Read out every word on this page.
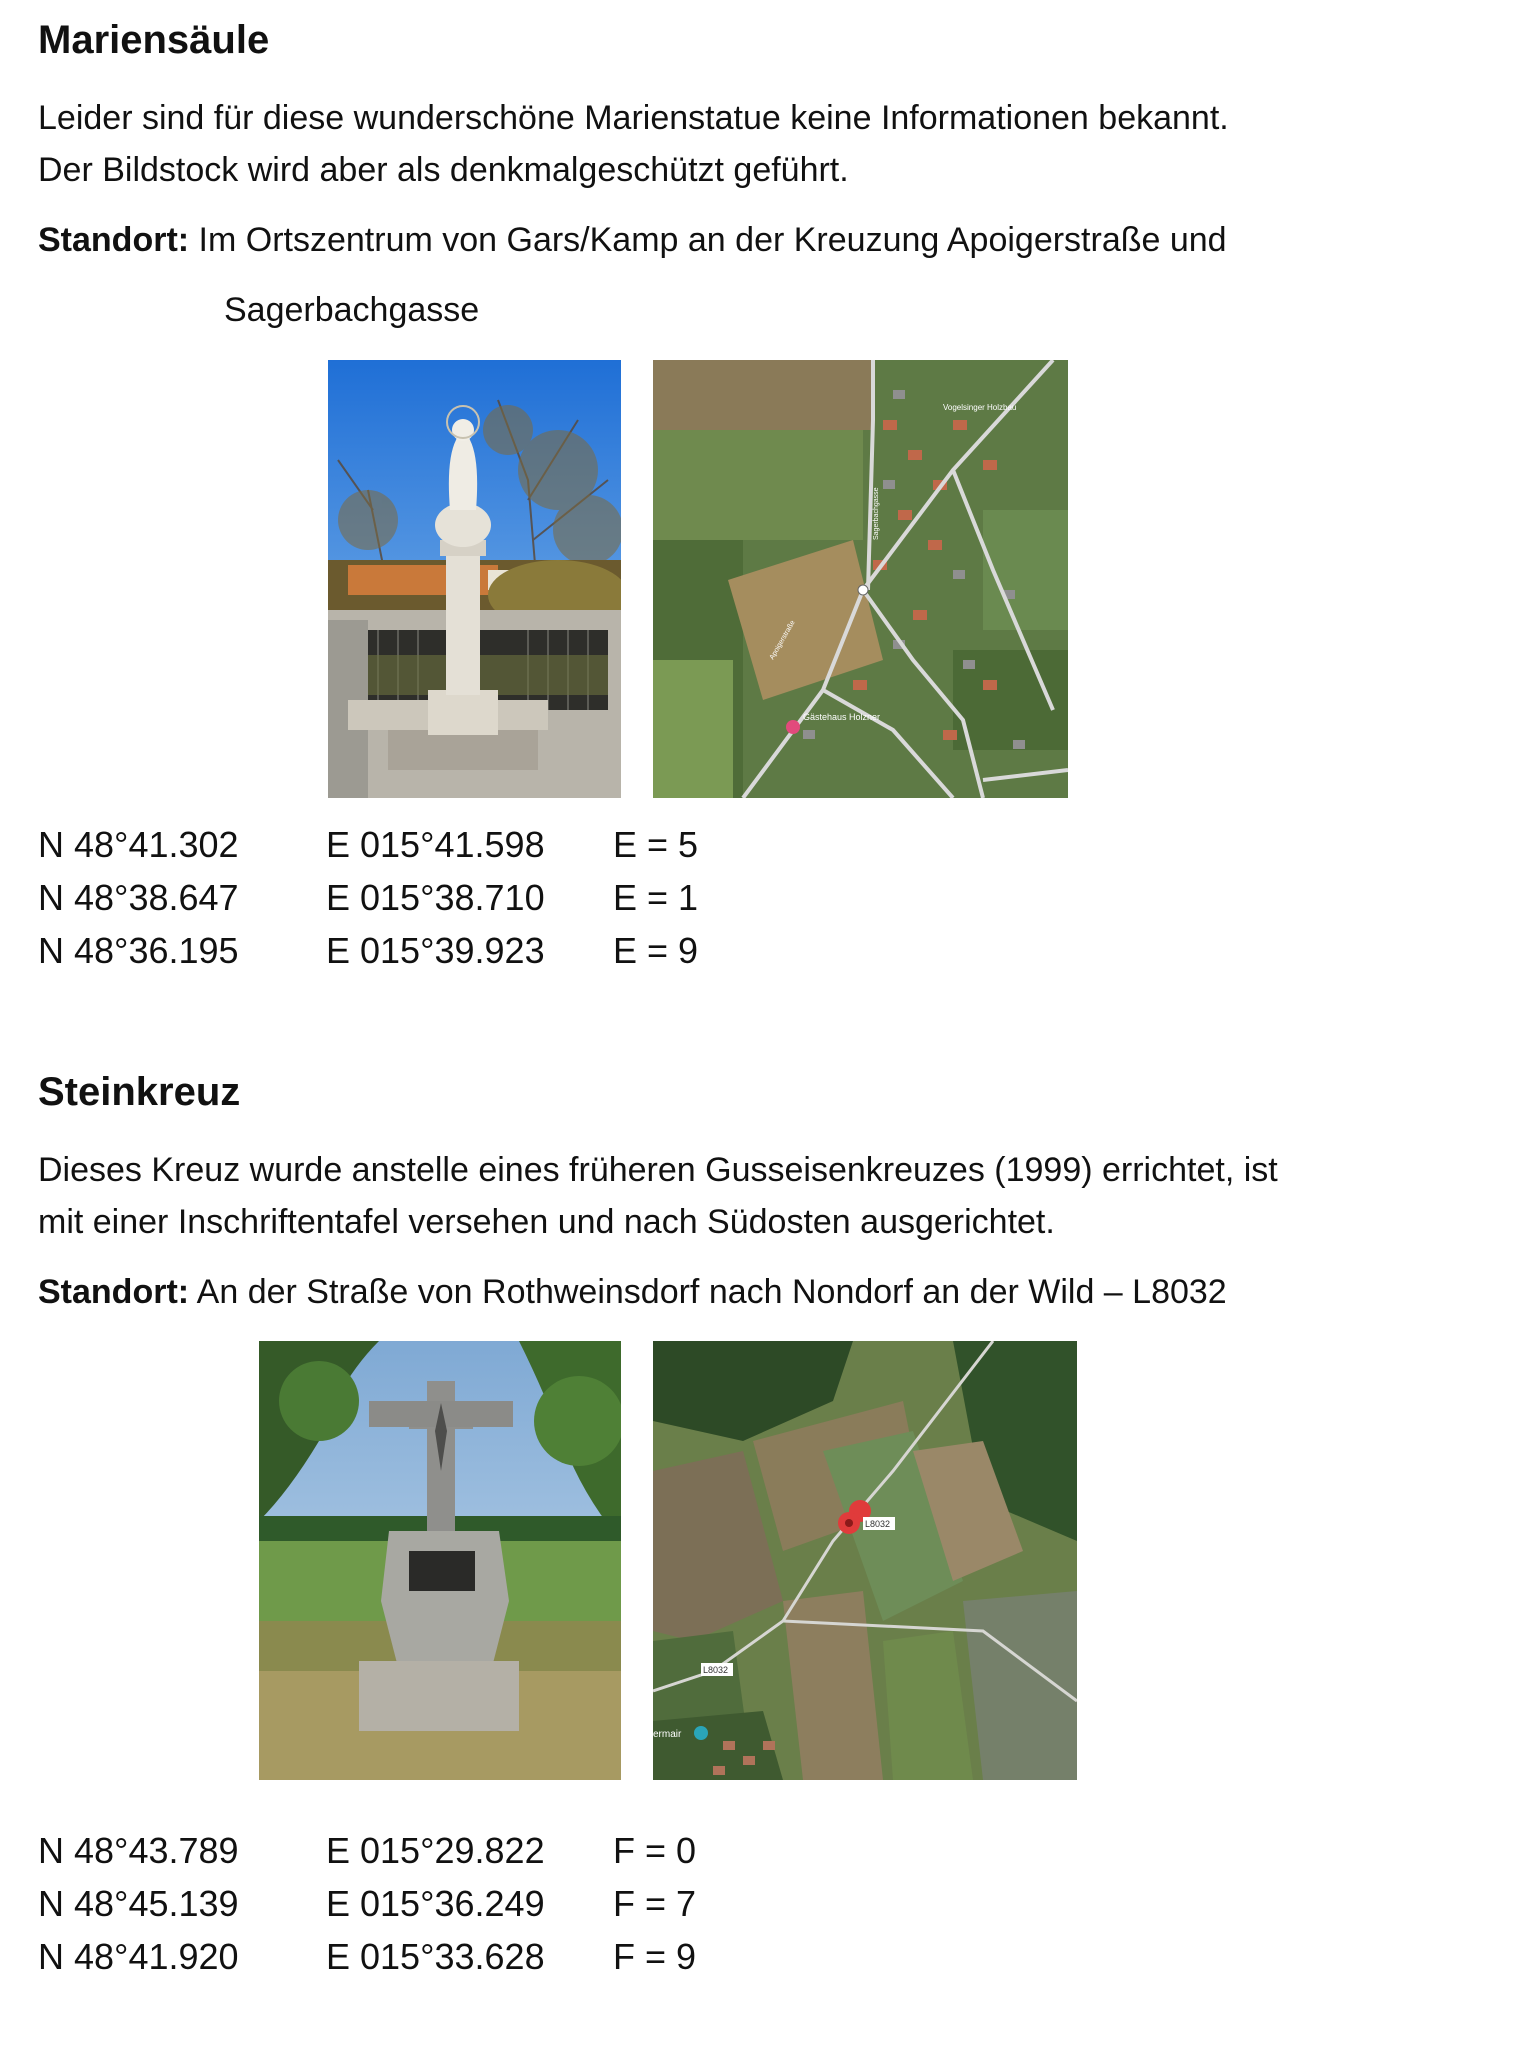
Mariensäule

Leider sind für diese wunderschöne Marienstatue keine Informationen bekannt.

Der Bildstock wird aber als denkmalgeschützt geführt.

Standort: Im Ortszentrum von Gars/Kamp an der Kreuzung Apoigerstraße und
Sagerbachgasse
Gästehaus Holzner
Vogelsinger Holzbau
Apoigerstraße
Sagerbachgasse
N 48°41.302 E 015°41.598 E = 5
N 48°38.647 E 015°38.710 E = 1
N 48°36.195 E 015°39.923 E = 9
Steinkreuz

Dieses Kreuz wurde anstelle eines früheren Gusseisenkreuzes (1999) errichtet, ist

mit einer Inschriftentafel versehen und nach Südosten ausgerichtet.

Standort: An der Straße von Rothweinsdorf nach Nondorf an der Wild – L8032
L8032
L8032
ermair
N 48°43.789 E 015°29.822 F = 0
N 48°45.139 E 015°36.249 F = 7
N 48°41.920 E 015°33.628 F = 9
